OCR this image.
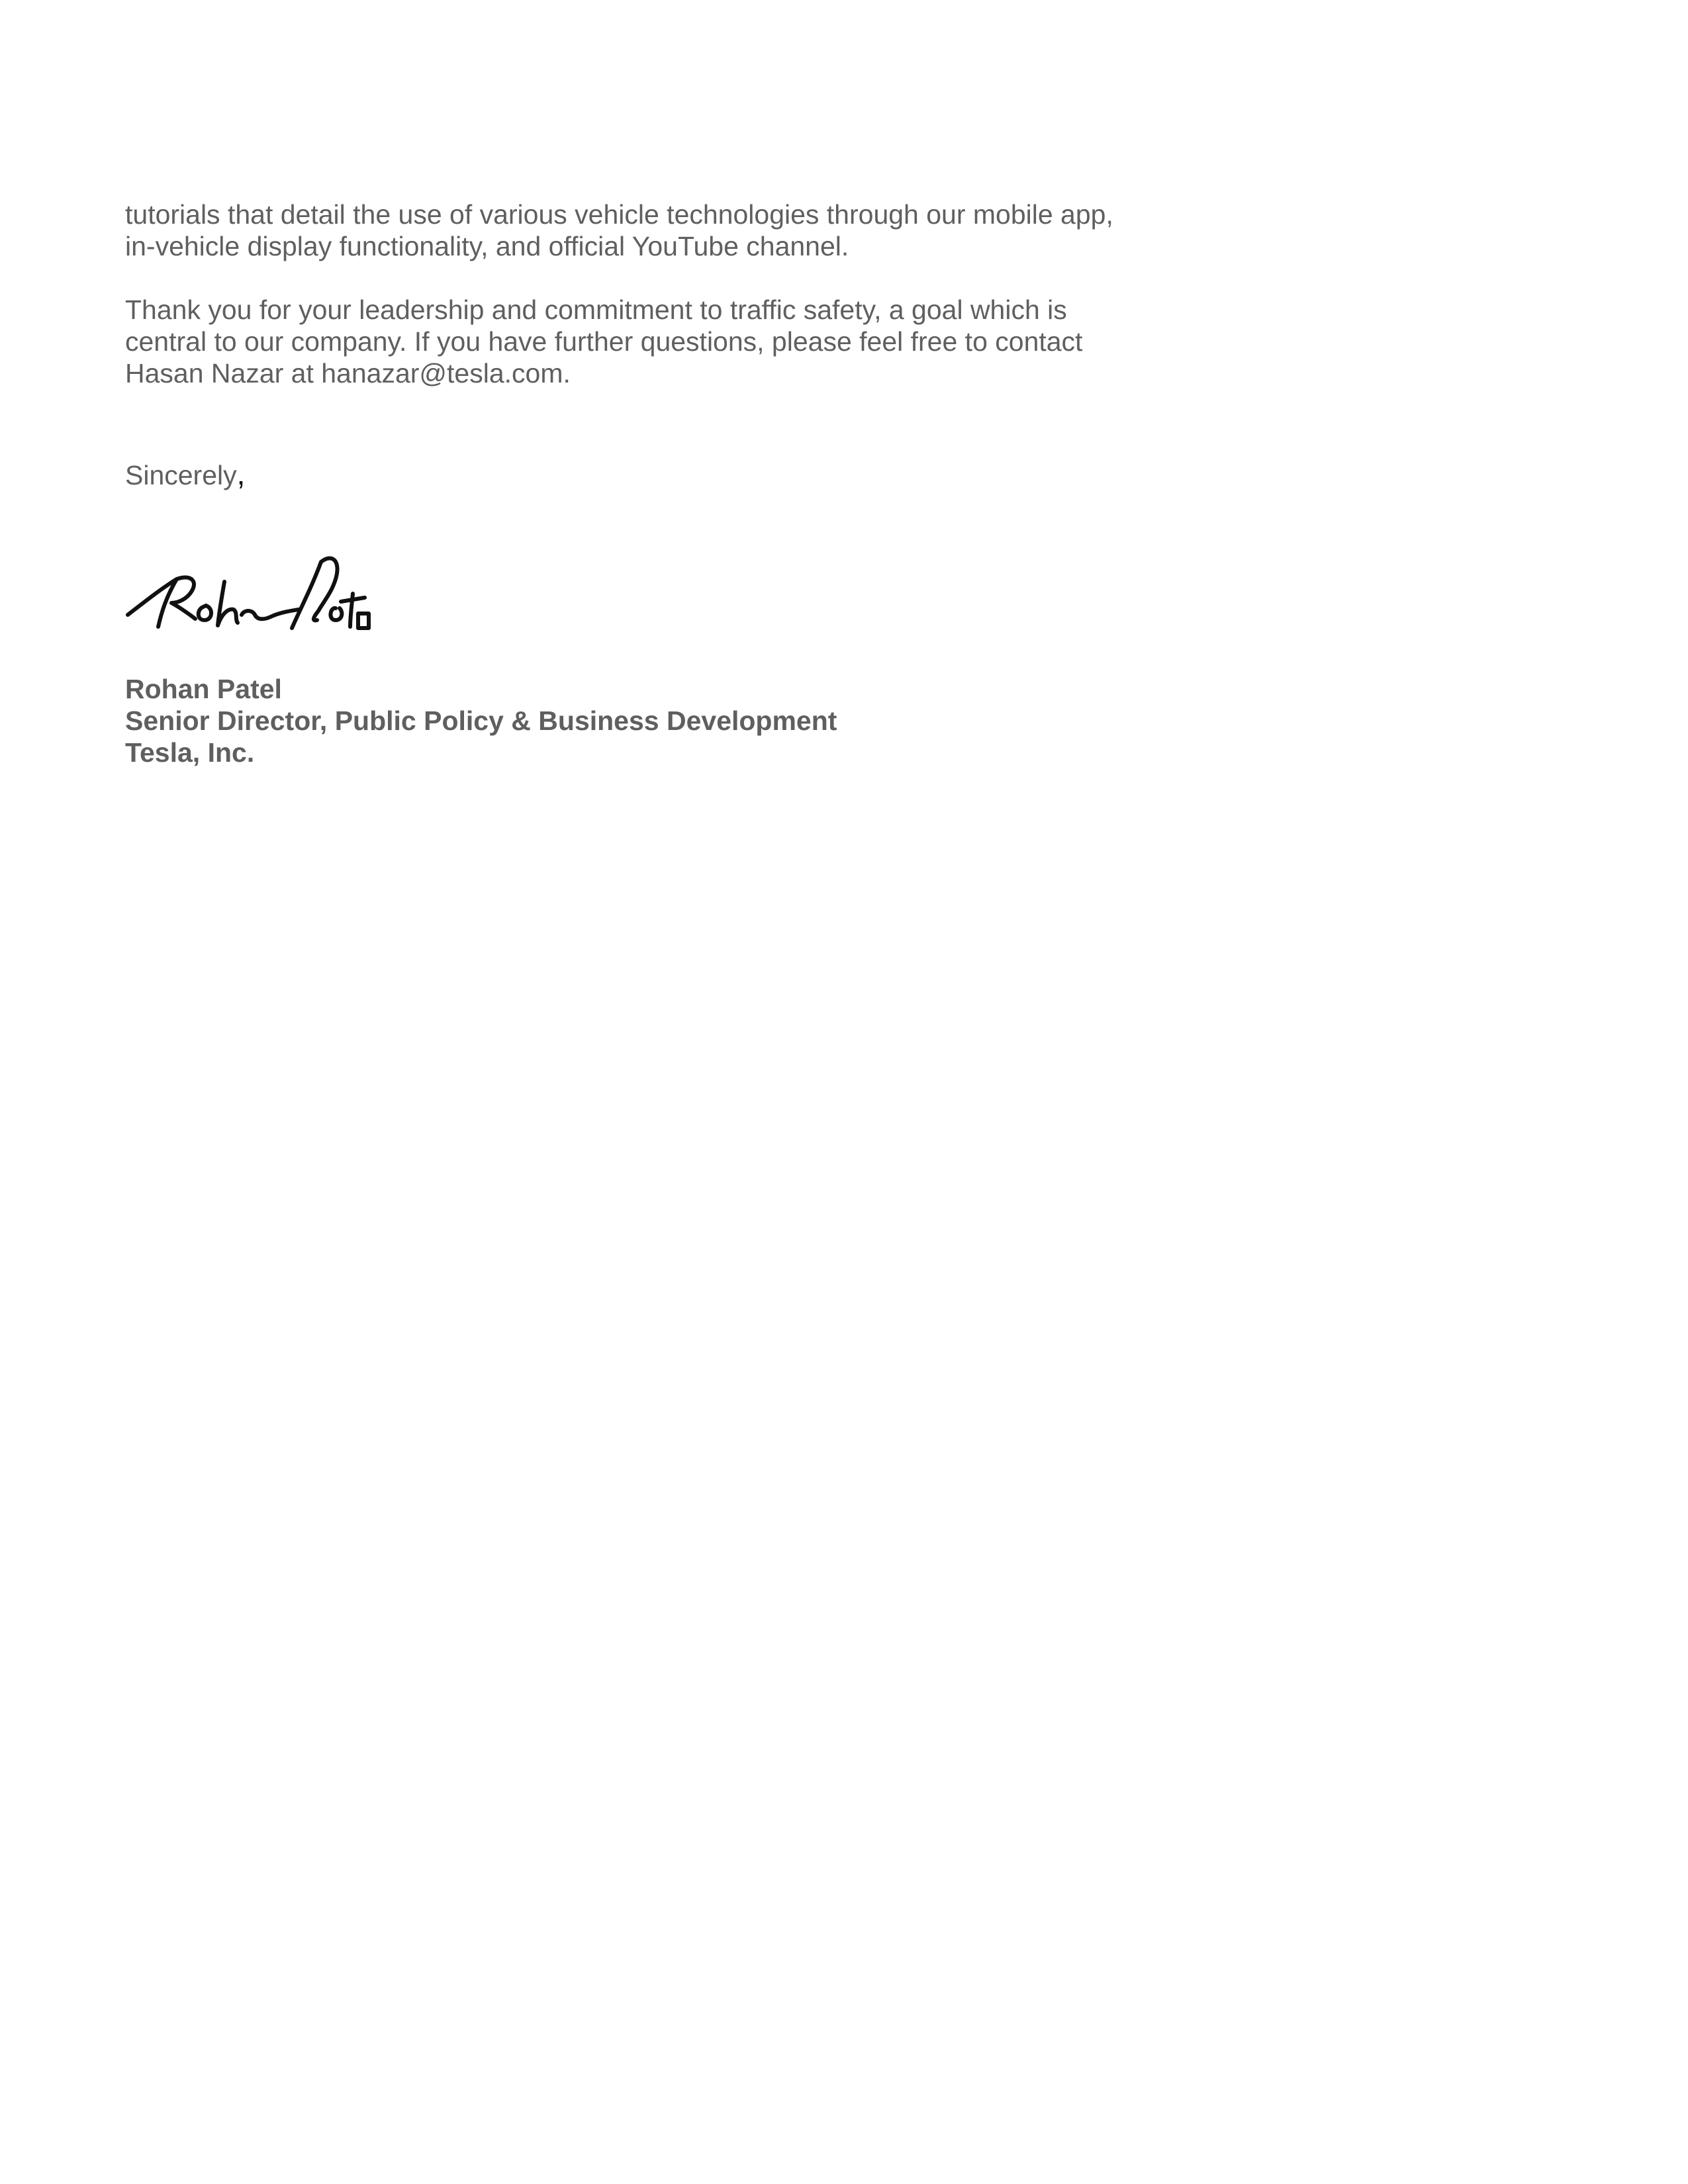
tutorials that detail the use of various vehicle technologies through our mobile app,
in-vehicle display functionality, and official YouTube channel.

Thank you for your leadership and commitment to traffic safety, a goal which is
central to our company. If you have further questions, please feel free to contact
Hasan Nazar at hanazar@tesla.com.

Sincerely,
Rohan Patel
Senior Director, Public Policy & Business Development
Tesla, Inc.
